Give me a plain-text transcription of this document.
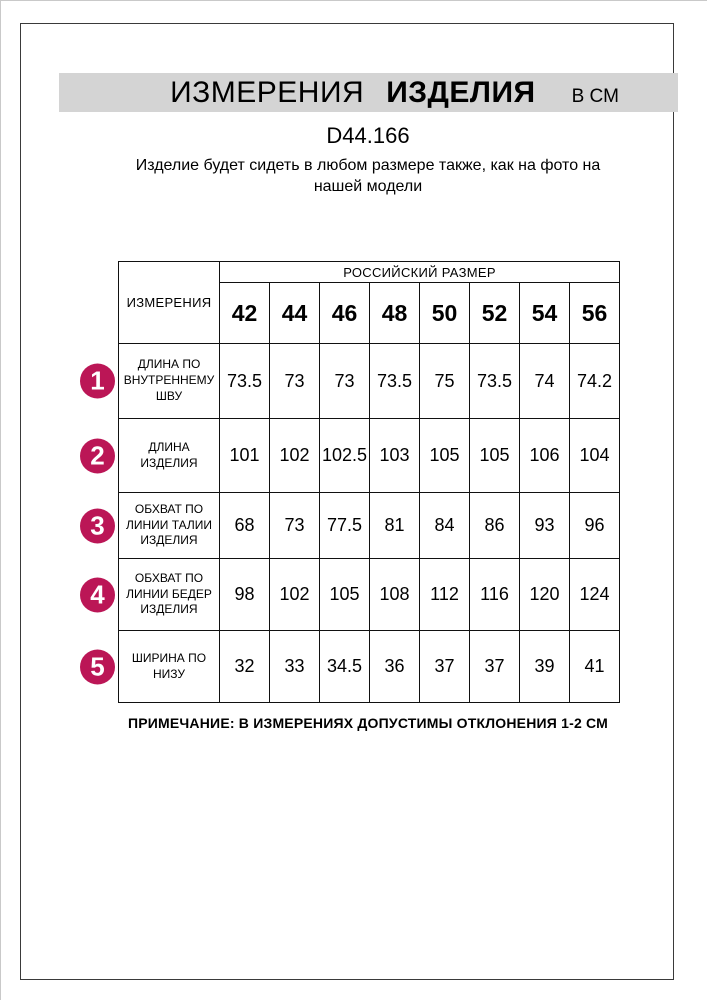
ИЗМЕРЕНИЯ ИЗДЕЛИЯ В СМ
D44.166
Изделие будет сидеть в любом размере также, как на фото на
нашей модели
ИЗМЕРЕНИЯ	РОССИЙСКИЙ РАЗМЕР							
	42	44	46	48	50	52	54	56

1
ДЛИНА ПО ВНУТРЕННЕМУ ШВУ	73.5	73	73	73.5	75	73.5	74	74.2

2 ДЛИНА ИЗДЕЛИЯ	101	102	102.5	103	105	105	106	104

3
ОБХВАТ ПО ЛИНИИ ТАЛИИ ИЗДЕЛИЯ	68	73	77.5	81	84	86	93	96

4
ОБХВАТ ПО ЛИНИИ БЕДЕР ИЗДЕЛИЯ	98	102	105	108	112	116	120	124

5 ШИРИНА ПО НИЗУ	32	33	34.5	36	37	37	39	41
ПРИМЕЧАНИЕ: В ИЗМЕРЕНИЯХ ДОПУСТИМЫ ОТКЛОНЕНИЯ 1-2 СМ
